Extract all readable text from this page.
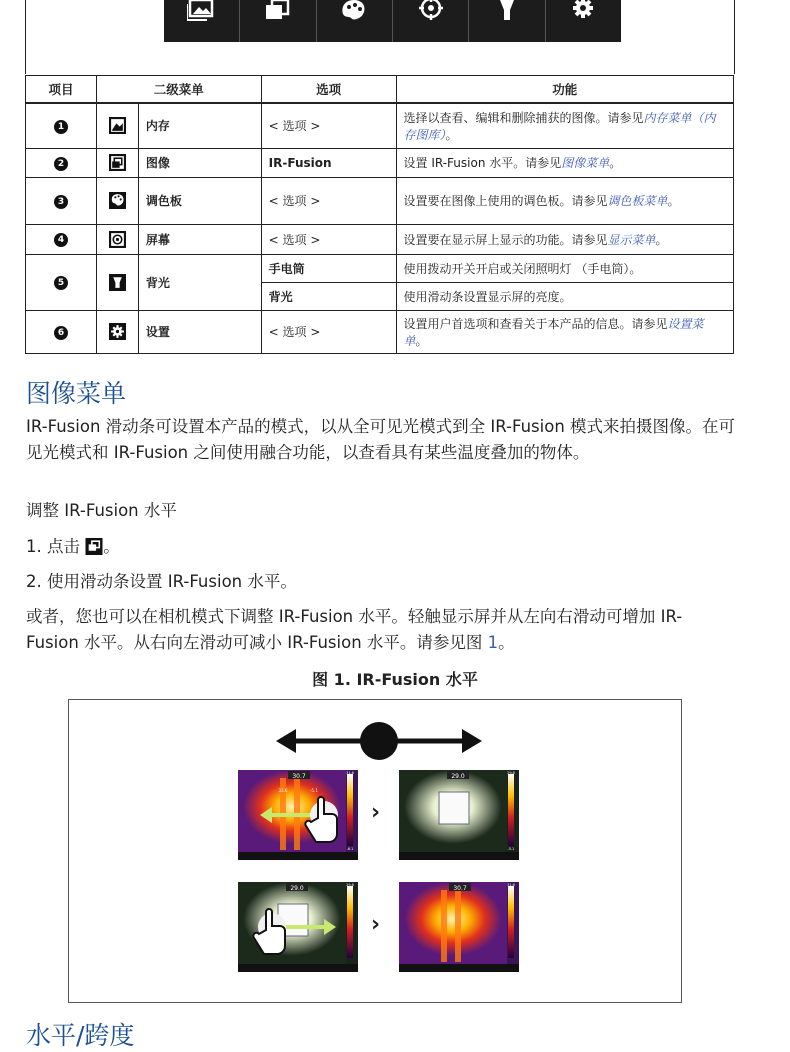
项目	二级菜单		选项	功能
1		内存	< 选项 >	选择以查看、编辑和删除捕获的图像。请参见内存菜单（内存图库）。
2		图像	IR-Fusion	设置 IR-Fusion 水平。请参见图像菜单。
3		调色板	< 选项 >	设置要在图像上使用的调色板。请参见调色板菜单。
4		屏幕	< 选项 >	设置要在显示屏上显示的功能。请参见显示菜单。
5		背光	手电筒	使用拨动开关开启或关闭照明灯 （手电筒）。
			背光	使用滑动条设置显示屏的亮度。
6		设置	< 选项 >	设置用户首选项和查看关于本产品的信息。请参见设置菜单。
图像菜单

IR-Fusion 滑动条可设置本产品的模式，以从全可见光模式到全 IR-Fusion 模式来拍摄图像。在可见光模式和 IR-Fusion 之间使用融合功能，以查看具有某些温度叠加的物体。

调整 IR-Fusion 水平

1. 点击 。

2. 使用滑动条设置 IR-Fusion 水平。

或者，您也可以在相机模式下调整 IR-Fusion 水平。轻触显示屏并从左向右滑动可增加 IR-Fusion 水平。从右向左滑动可减小 IR-Fusion 水平。请参见图 1。

图 1. IR-Fusion 水平
30.7
33.6	-5.1
31.6
-6.1
›
29.0	29.8
-5.1
29.0	29.8
›
30.7	31.6
水平/跨度
